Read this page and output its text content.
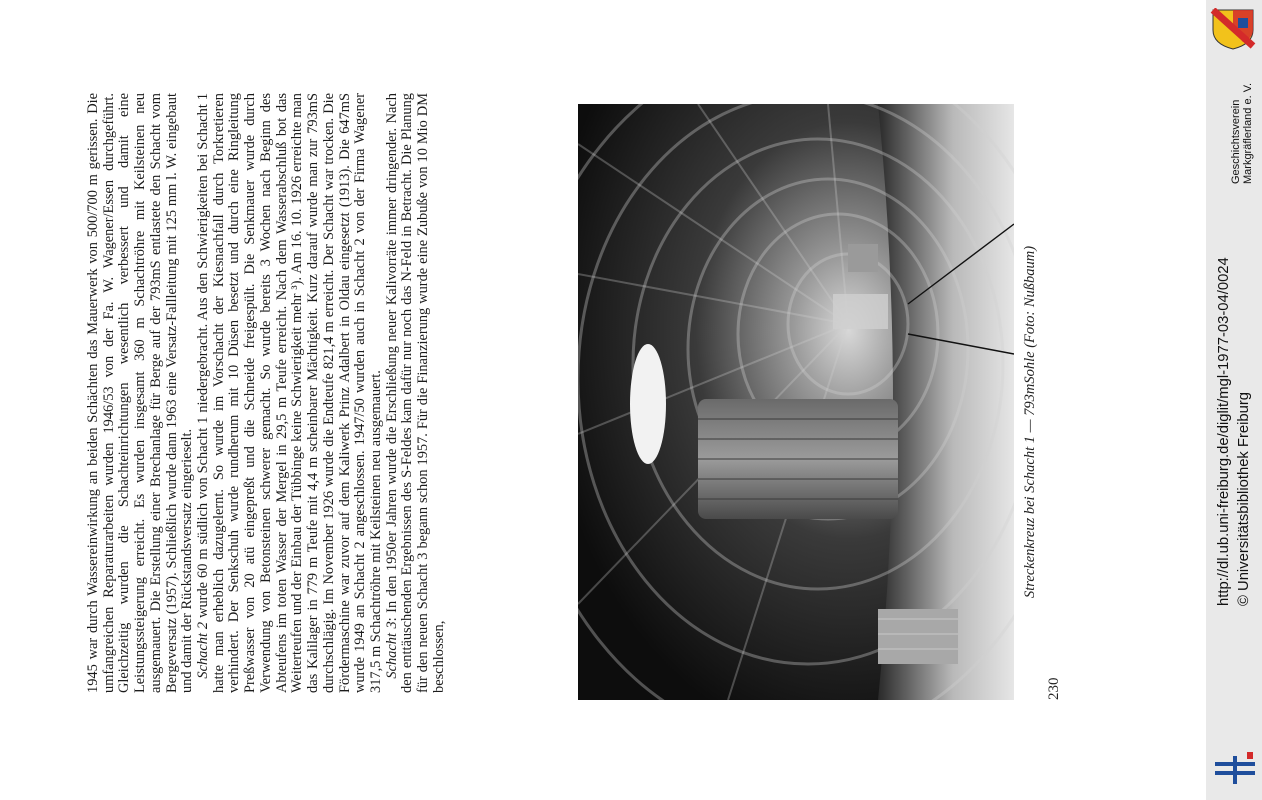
1945 war durch Wassereinwirkung an beiden Schächten das Mauerwerk von 500/700 m gerissen. Die umfangreichen Reparaturarbeiten wurden 1946/53 von der Fa. W. Wagener/Essen durchgeführt. Gleichzeitig wurden die Schachteinrichtungen wesentlich verbessert und damit eine Leistungssteigerung erreicht. Es wurden insgesamt 360 m Schachtröhre mit Keilsteinen neu ausgemauert. Die Erstellung einer Brechanlage für Berge auf der 793mS entlastete den Schacht vom Bergeversatz (1957). Schließlich wurde dann 1963 eine Versatz-Fallleitung mit 125 mm l. W. eingebaut und damit der Rückstandsversatz eingerieselt.

  Schacht 2 wurde 60 m südlich von Schacht 1 niedergebracht. Aus den Schwierigkeiten bei Schacht 1 hatte man erheblich dazugelernt. So wurde im Vorschacht der Kiesnachfall durch Torkretieren verhindert. Der Senkschuh wurde rundherum mit 10 Düsen besetzt und durch eine Ringleitung Preßwasser von 20 atü eingepreßt und die Schneide freigespült. Die Senkmauer wurde durch Verwendung von Betonsteinen schwerer gemacht. So wurde bereits 3 Wochen nach Beginn des Abteufens im toten Wasser der Mergel in 29,5 m Teufe erreicht. Nach dem Wasserabschluß bot das Weiterteufen und der Einbau der Tübbinge keine Schwierigkeit mehr ³). Am 16. 10. 1926 erreichte man das Kalilager in 779 m Teufe mit 4,4 m scheinbarer Mächtigkeit. Kurz darauf wurde man zur 793mS durchschlägig. Im November 1926 wurde die Endteufe 821,4 m erreicht. Der Schacht war trocken. Die Fördermaschine war zuvor auf dem Kaliwerk Prinz Adalbert in Oldau eingesetzt (1913). Die 647mS wurde 1949 an Schacht 2 angeschlossen. 1947/50 wurden auch in Schacht 2 von der Firma Wagener 317,5 m Schachtröhre mit Keilsteinen neu ausgemauert.

  Schacht 3: In den 1950er Jahren wurde die Erschließung neuer Kalivorräte immer dringender. Nach den enttäuschenden Ergebnissen des S-Feldes kam dafür nur noch das N-Feld in Betracht. Die Planung für den neuen Schacht 3 begann schon 1957. Für die Finanzierung wurde eine Zubuße von 10 Mio DM beschlossen,

Streckenkreuz bei Schacht 1 — 793mSohle (Foto: Nußbaum)
230
Geschichtsverein Markgräflerland e. V.
http://dl.ub.uni-freiburg.de/diglit/mgl-1977-03-04/0024 © Universitätsbibliothek Freiburg
